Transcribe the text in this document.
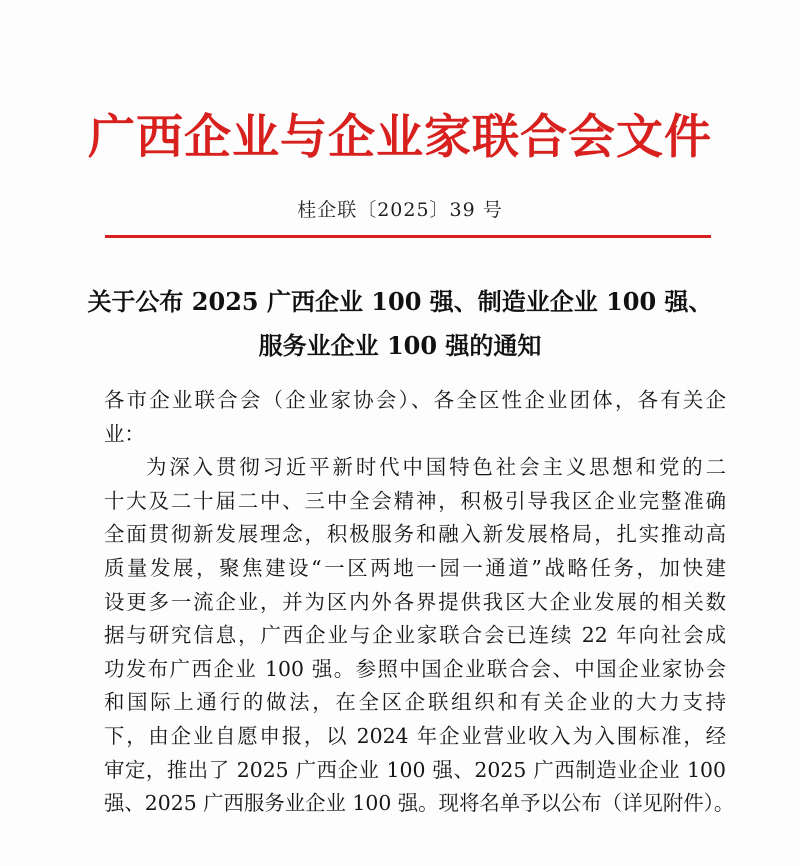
广西企业与企业家联合会文件
桂企联〔2025〕39 号
关于公布 2025 广西企业 100 强、制造业企业 100 强、
服务业企业 100 强的通知
各市企业联合会（企业家协会）、各全区性企业团体，各有关企
业：
为深入贯彻习近平新时代中国特色社会主义思想和党的二
十大及二十届二中、三中全会精神，积极引导我区企业完整准确
全面贯彻新发展理念，积极服务和融入新发展格局，扎实推动高
质量发展，聚焦建设“一区两地一园一通道”战略任务，加快建
设更多一流企业，并为区内外各界提供我区大企业发展的相关数
据与研究信息，广西企业与企业家联合会已连续 22 年向社会成
功发布广西企业 100 强。参照中国企业联合会、中国企业家协会
和国际上通行的做法，在全区企联组织和有关企业的大力支持
下，由企业自愿申报，以 2024 年企业营业收入为入围标准，经
审定，推出了 2025 广西企业 100 强、2025 广西制造业企业 100
强、2025 广西服务业企业 100 强。现将名单予以公布（详见附件）。
